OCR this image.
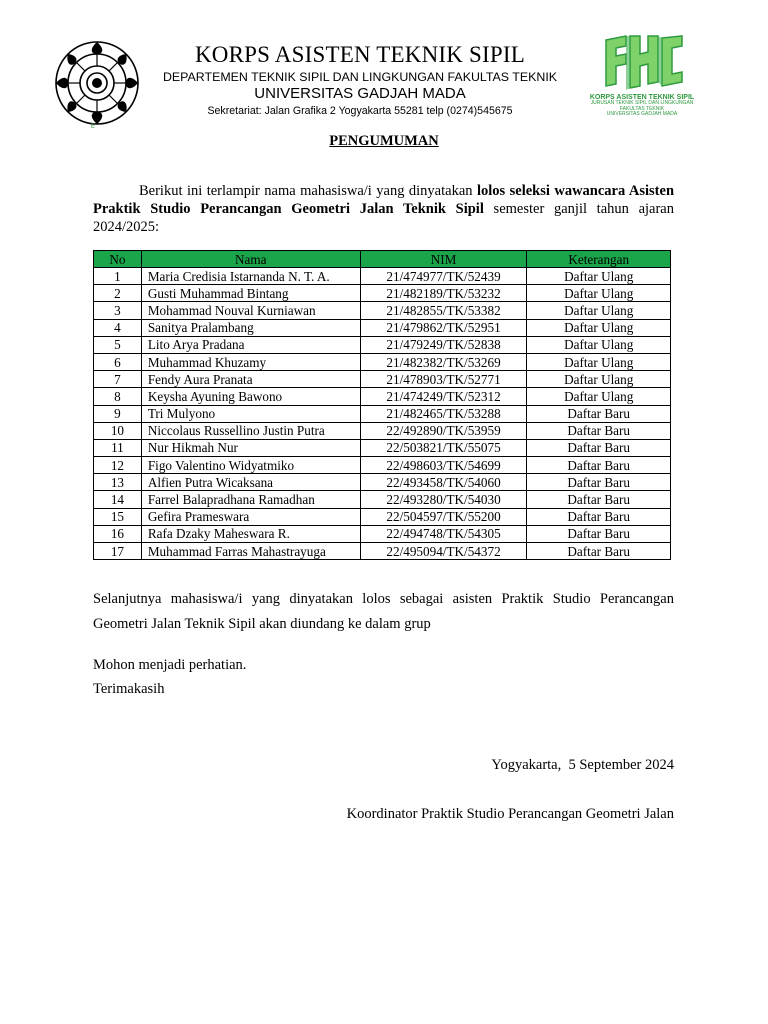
KORPS ASISTEN TEKNIK SIPIL
JURUSAN TEKNIK SIPIL DAN LINGKUNGAN
FAKULTAS TEKNIK
UNIVERSITAS GADJAH MADA
KORPS ASISTEN TEKNIK SIPIL
DEPARTEMEN TEKNIK SIPIL DAN LINGKUNGAN FAKULTAS TEKNIK
UNIVERSITAS GADJAH MADA
Sekretariat: Jalan Grafika 2 Yogyakarta 55281 telp (0274)545675
E
PENGUMUMAN

Berikut ini terlampir nama mahasiswa/i yang dinyatakan lolos seleksi wawancara Asisten Praktik Studio Perancangan Geometri Jalan Teknik Sipil semester ganjil tahun ajaran 2024/2025:

No	Nama	NIM	Keterangan
1	Maria Credisia Istarnanda N. T. A.	21/474977/TK/52439	Daftar Ulang
2	Gusti Muhammad Bintang	21/482189/TK/53232	Daftar Ulang
3	Mohammad Nouval Kurniawan	21/482855/TK/53382	Daftar Ulang
4	Sanitya Pralambang	21/479862/TK/52951	Daftar Ulang
5	Lito Arya Pradana	21/479249/TK/52838	Daftar Ulang
6	Muhammad Khuzamy	21/482382/TK/53269	Daftar Ulang
7	Fendy Aura Pranata	21/478903/TK/52771	Daftar Ulang
8	Keysha Ayuning Bawono	21/474249/TK/52312	Daftar Ulang
9	Tri Mulyono	21/482465/TK/53288	Daftar Baru
10	Niccolaus Russellino Justin Putra	22/492890/TK/53959	Daftar Baru
11	Nur Hikmah Nur	22/503821/TK/55075	Daftar Baru
12	Figo Valentino Widyatmiko	22/498603/TK/54699	Daftar Baru
13	Alfien Putra Wicaksana	22/493458/TK/54060	Daftar Baru
14	Farrel Balapradhana Ramadhan	22/493280/TK/54030	Daftar Baru
15	Gefira Prameswara	22/504597/TK/55200	Daftar Baru
16	Rafa Dzaky Maheswara R.	22/494748/TK/54305	Daftar Baru
17	Muhammad Farras Mahastrayuga	22/495094/TK/54372	Daftar Baru

Selanjutnya mahasiswa/i yang dinyatakan lolos sebagai asisten Praktik Studio Perancangan Geometri Jalan Teknik Sipil akan diundang ke dalam grup

Mohon menjadi perhatian.

Terimakasih

Yogyakarta,  5 September 2024
Koordinator Praktik Studio Perancangan Geometri Jalan
